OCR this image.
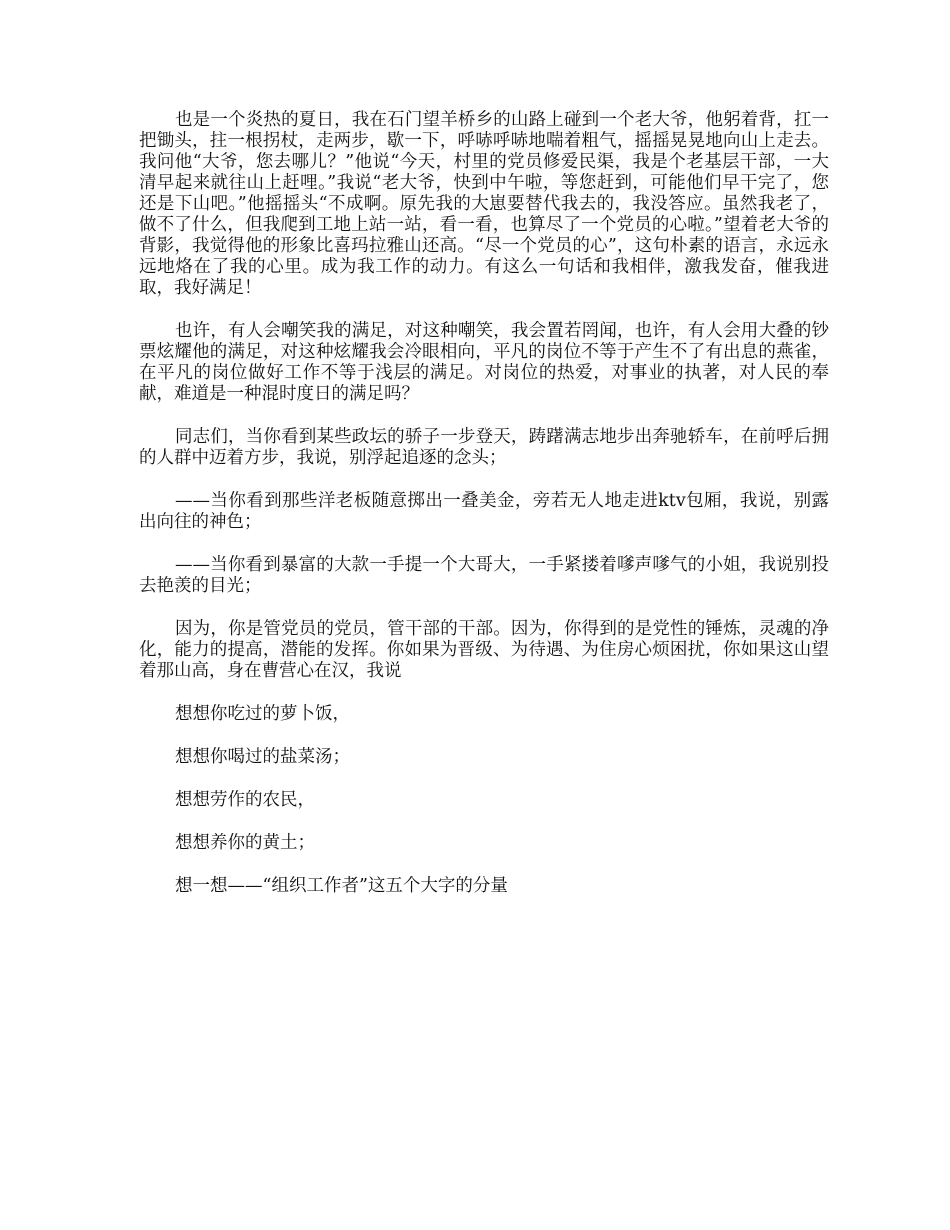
也是一个炎热的夏日，我在石门望羊桥乡的山路上碰到一个老大爷，他躬着背，扛一把锄头，拄一根拐杖，走两步，歇一下，呼哧呼哧地喘着粗气，摇摇晃晃地向山上走去。我问他“大爷，您去哪儿？”他说“今天，村里的党员修爱民渠，我是个老基层干部，一大清早起来就往山上赶哩。”我说“老大爷，快到中午啦，等您赶到，可能他们早干完了，您还是下山吧。”他摇摇头“不成啊。原先我的大崽要替代我去的，我没答应。虽然我老了，做不了什么，但我爬到工地上站一站，看一看，也算尽了一个党员的心啦。”望着老大爷的背影，我觉得他的形象比喜玛拉雅山还高。“尽一个党员的心”，这句朴素的语言，永远永远地烙在了我的心里。成为我工作的动力。有这么一句话和我相伴，激我发奋，催我进取，我好满足！

也许，有人会嘲笑我的满足，对这种嘲笑，我会置若罔闻，也许，有人会用大叠的钞票炫耀他的满足，对这种炫耀我会冷眼相向，平凡的岗位不等于产生不了有出息的燕雀，在平凡的岗位做好工作不等于浅层的满足。对岗位的热爱，对事业的执著，对人民的奉献，难道是一种混时度日的满足吗？

同志们，当你看到某些政坛的骄子一步登天，踌躇满志地步出奔驰轿车，在前呼后拥的人群中迈着方步，我说，别浮起追逐的念头；

——当你看到那些洋老板随意掷出一叠美金，旁若无人地走进ktv包厢，我说，别露出向往的神色；

——当你看到暴富的大款一手提一个大哥大，一手紧搂着嗲声嗲气的小姐，我说别投去艳羡的目光；

因为，你是管党员的党员，管干部的干部。因为，你得到的是党性的锤炼，灵魂的净化，能力的提高，潜能的发挥。你如果为晋级、为待遇、为住房心烦困扰，你如果这山望着那山高，身在曹营心在汉，我说

想想你吃过的萝卜饭，

想想你喝过的盐菜汤；

想想劳作的农民，

想想养你的黄土；

想一想——“组织工作者”这五个大字的分量
